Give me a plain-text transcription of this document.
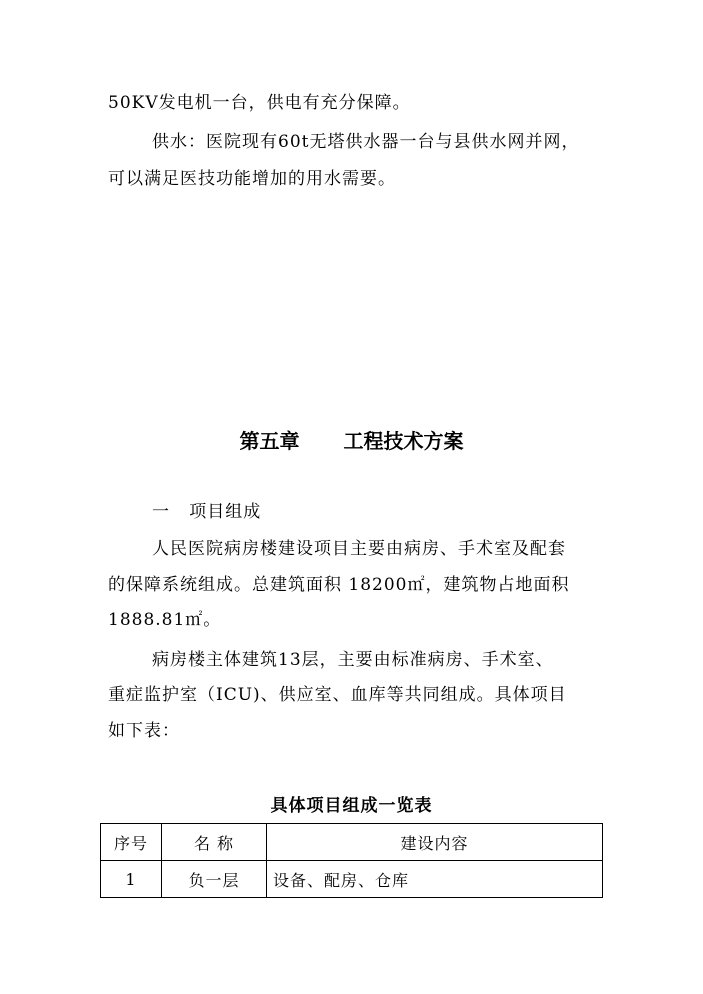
50KV发电机一台，供电有充分保障。
供水：医院现有60t无塔供水器一台与县供水网并网，
可以满足医技功能增加的用水需要。
第五章 工程技术方案
一   项目组成
人民医院病房楼建设项目主要由病房、手术室及配套
的保障系统组成。总建筑面积 18200㎡，建筑物占地面积
1888.81㎡。
病房楼主体建筑13层，主要由标准病房、手术室、
重症监护室（ICU)、供应室、血库等共同组成。具体项目
如下表：
具体项目组成一览表
序号	名 称	建设内容
1	负一层	设备、配房、仓库
